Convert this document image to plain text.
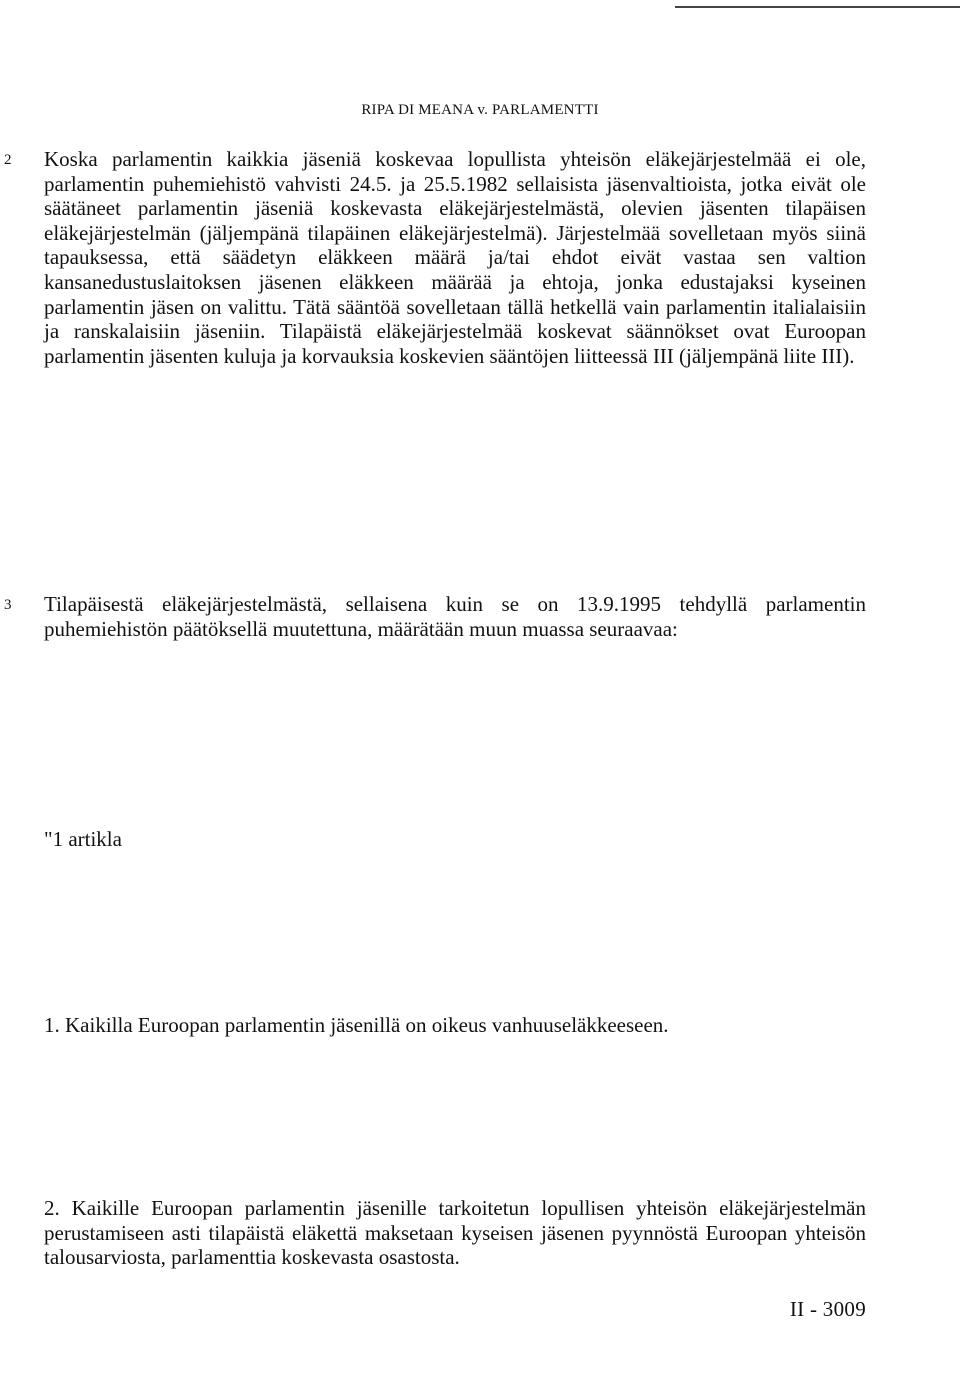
RIPA DI MEANA v. PARLAMENTTI
2 Koska parlamentin kaikkia jäseniä koskevaa lopullista yhteisön eläkejärjestelmää ei ole, parlamentin puhemiehistö vahvisti 24.5. ja 25.5.1982 sellaisista jäsenvaltioista, jotka eivät ole säätäneet parlamentin jäseniä koskevasta eläkejärjestelmästä, olevien jäsenten tilapäisen eläkejärjestelmän (jäljempänä tilapäinen eläkejärjestelmä). Järjestelmää sovelletaan myös siinä tapauksessa, että säädetyn eläkkeen määrä ja/tai ehdot eivät vastaa sen valtion kansanedustuslaitoksen jäsenen eläkkeen määrää ja ehtoja, jonka edustajaksi kyseinen parlamentin jäsen on valittu. Tätä sääntöä sovelletaan tällä hetkellä vain parlamentin italialaisiin ja ranskalaisiin jäseniin. Tilapäistä eläkejärjestelmää koskevat säännökset ovat Euroopan parlamentin jäsenten kuluja ja korvauksia koskevien sääntöjen liitteessä III (jäljempänä liite III).

3 Tilapäisestä eläkejärjestelmästä, sellaisena kuin se on 13.9.1995 tehdyllä parlamentin puhemiehistön päätöksellä muutettuna, määrätään muun muassa seuraavaa:

"1 artikla

1. Kaikilla Euroopan parlamentin jäsenillä on oikeus vanhuuseläkkeeseen.

2. Kaikille Euroopan parlamentin jäsenille tarkoitetun lopullisen yhteisön eläkejärjestelmän perustamiseen asti tilapäistä eläkettä maksetaan kyseisen jäsenen pyynnöstä Euroopan yhteisön talousarviosta, parlamenttia koskevasta osastosta.

II - 3009
